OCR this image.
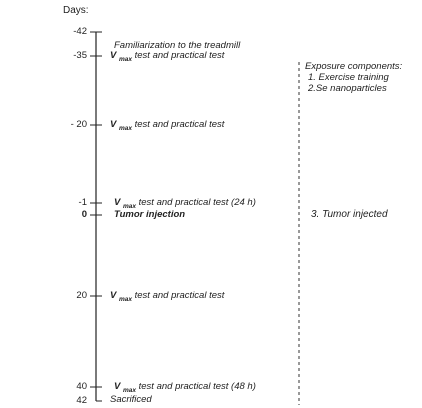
Days:
-42
-35
- 20
-1
0
20
40
42
Familiarization to the treadmill
V $_{max}$ test and practical test
V $_{max}$ test and practical test
V $_{max}$ test and practical test (24 h)
Tumor injection
V $_{max}$ test and practical test
V $_{max}$ test and practical test (48 h)
Sacrificed
Exposure components:
1. Exercise training
2.Se nanoparticles
3. Tumor injected
